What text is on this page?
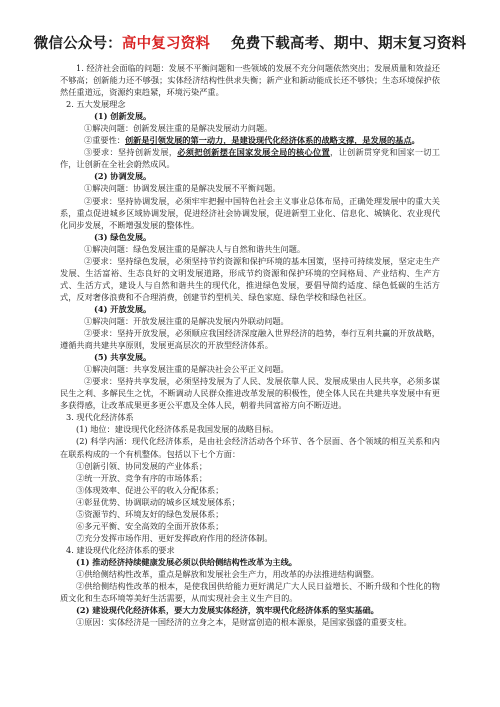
微信公众号：高中复习资料 免费下载高考、期中、期末复习资料

1. 经济社会面临的问题：发展不平衡问题和一些领域的发展不充分问题依然突出；发展质量和效益还不够高；创新能力还不够强；实体经济结构性供求失衡；新产业和新动能成长还不够快；生态环境保护依然任重道远，资源约束趋紧，环境污染严重。

2. 五大发展理念

(1) 创新发展。

①解决问题：创新发展注重的是解决发展动力问题。

②重要性：创新是引领发展的第一动力，是建设现代化经济体系的战略支撑，是发展的基点。

③要求：坚持创新发展，必须把创新摆在国家发展全局的核心位置，让创新贯穿党和国家一切工作，让创新在全社会蔚然成风。

(2) 协调发展。

①解决问题：协调发展注重的是解决发展不平衡问题。

②要求：坚持协调发展，必须牢牢把握中国特色社会主义事业总体布局，正确处理发展中的重大关系，重点促进城乡区域协调发展，促进经济社会协调发展，促进新型工业化、信息化、城镇化、农业现代化同步发展，不断增强发展的整体性。

(3) 绿色发展。

①解决问题：绿色发展注重的是解决人与自然和谐共生问题。

②要求：坚持绿色发展，必须坚持节约资源和保护环境的基本国策，坚持可持续发展，坚定走生产发展、生活富裕、生态良好的文明发展道路，形成节约资源和保护环境的空间格局、产业结构、生产方式、生活方式，建设人与自然和谐共生的现代化，推进绿色发展，要倡导简约适度、绿色低碳的生活方式，反对奢侈浪费和不合理消费，创建节约型机关、绿色家庭、绿色学校和绿色社区。

(4) 开放发展。

①解决问题：开放发展注重的是解决发展内外联动问题。

②要求：坚持开放发展，必须顺应我国经济深度融入世界经济的趋势，奉行互利共赢的开放战略，遵循共商共建共享原则，发展更高层次的开放型经济体系。

(5) 共享发展。

①解决问题：共享发展注重的是解决社会公平正义问题。

②要求：坚持共享发展，必须坚持发展为了人民、发展依靠人民、发展成果由人民共享，必须多谋民生之利、多解民生之忧，不断调动人民群众推进改革发展的积极性，使全体人民在共建共享发展中有更多获得感，让改革成果更多更公平惠及全体人民，朝着共同富裕方向不断迈进。

3. 现代化经济体系

(1) 地位：建设现代化经济体系是我国发展的战略目标。

(2) 科学内涵：现代化经济体系，是由社会经济活动各个环节、各个层面、各个领域的相互关系和内在联系构成的一个有机整体。包括以下七个方面：

①创新引领、协同发展的产业体系；

②统一开放、竞争有序的市场体系；

③体现效率、促进公平的收入分配体系；

④彰显优势、协调联动的城乡区域发展体系；

⑤资源节约、环境友好的绿色发展体系；

⑥多元平衡、安全高效的全面开放体系；

⑦充分发挥市场作用、更好发挥政府作用的经济体制。

4. 建设现代化经济体系的要求

(1) 推动经济持续健康发展必须以供给侧结构性改革为主线。

①供给侧结构性改革，重点是解放和发展社会生产力，用改革的办法推进结构调整。

②供给侧结构性改革的根本，是使我国供给能力更好满足广大人民日益增长、不断升级和个性化的物质文化和生态环境等美好生活需要，从而实现社会主义生产目的。

(2) 建设现代化经济体系，要大力发展实体经济，筑牢现代化经济体系的坚实基础。

①原因：实体经济是一国经济的立身之本，是财富创造的根本源泉，是国家强盛的重要支柱。
